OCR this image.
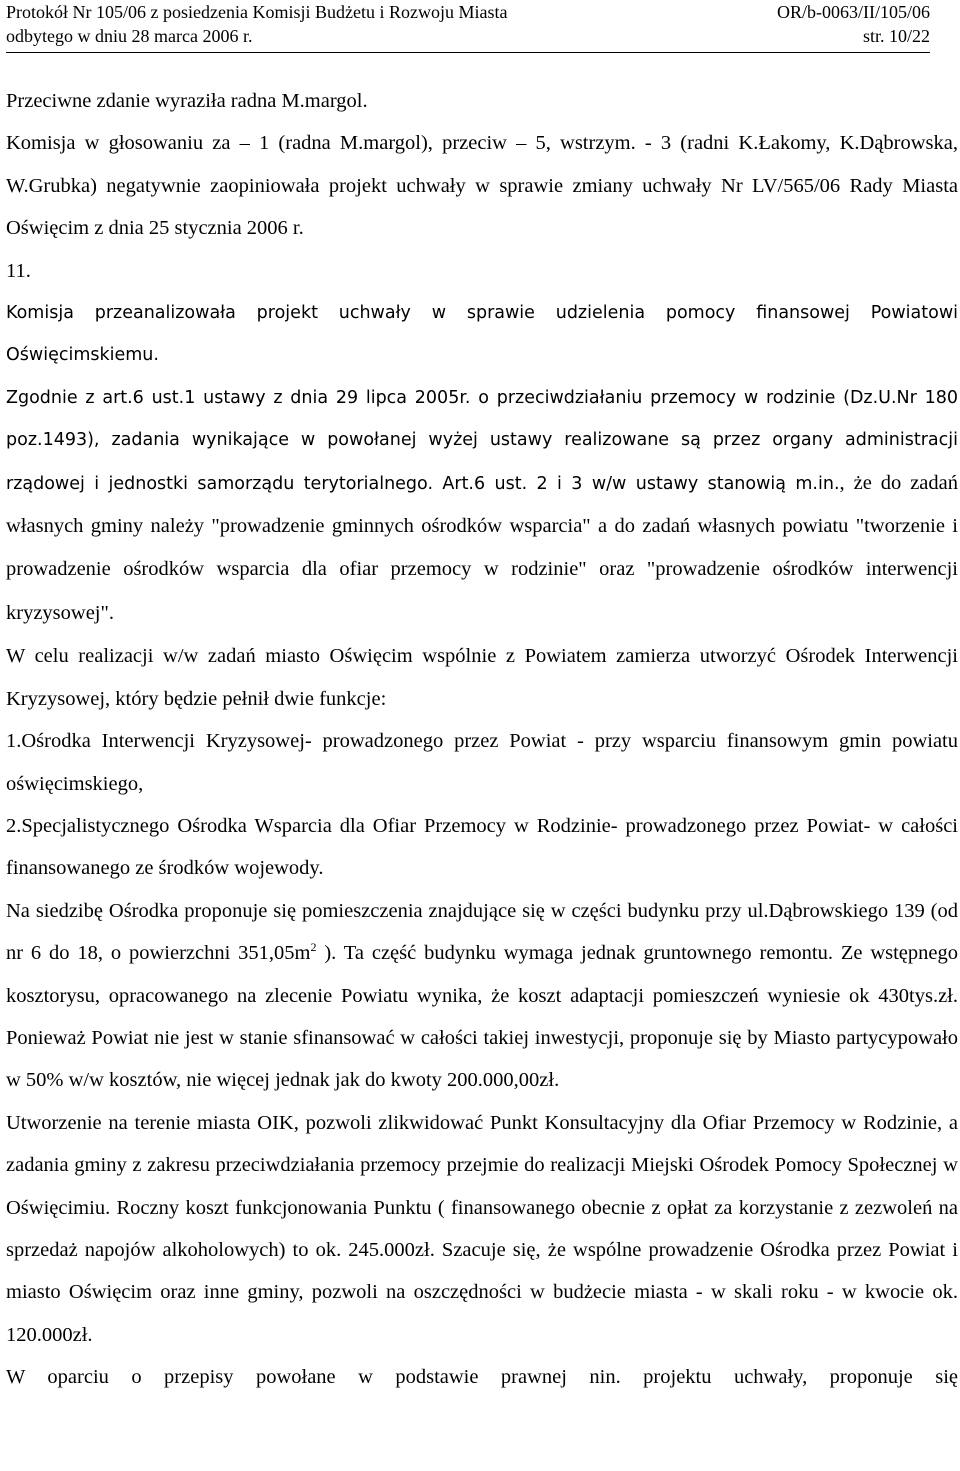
Protokół Nr 105/06 z posiedzenia Komisji Budżetu i Rozwoju Miasta	OR/b-0063/II/105/06
odbytego w dniu 28 marca 2006 r.	str. 10/22

Przeciwne zdanie wyraziła radna M.margol.

Komisja w głosowaniu za – 1 (radna M.margol), przeciw – 5, wstrzym. - 3 (radni K.Łakomy, K.Dąbrowska, W.Grubka) negatywnie zaopiniowała projekt uchwały w sprawie zmiany uchwały Nr LV/565/06 Rady Miasta Oświęcim z dnia 25 stycznia 2006 r.

11.

Komisja przeanalizowała projekt uchwały w sprawie udzielenia pomocy finansowej Powiatowi Oświęcimskiemu.

Zgodnie z art.6 ust.1 ustawy z dnia 29 lipca 2005r. o przeciwdziałaniu przemocy w rodzinie (Dz.U.Nr 180 poz.1493), zadania wynikające w powołanej wyżej ustawy realizowane są przez organy administracji rządowej i jednostki samorządu terytorialnego. Art.6 ust. 2 i 3 w/w ustawy stanowią m.in., że do zadań własnych gminy należy "prowadzenie gminnych ośrodków wsparcia" a do zadań własnych powiatu "tworzenie i prowadzenie ośrodków wsparcia dla ofiar przemocy w rodzinie" oraz "prowadzenie ośrodków interwencji kryzysowej".

W celu realizacji w/w zadań miasto Oświęcim wspólnie z Powiatem zamierza utworzyć Ośrodek Interwencji Kryzysowej, który będzie pełnił dwie funkcje:

1.Ośrodka Interwencji Kryzysowej- prowadzonego przez Powiat - przy wsparciu finansowym gmin powiatu oświęcimskiego,

2.Specjalistycznego Ośrodka Wsparcia dla Ofiar Przemocy w Rodzinie- prowadzonego przez Powiat- w całości finansowanego ze środków wojewody.

Na siedzibę Ośrodka proponuje się pomieszczenia znajdujące się w części budynku przy ul.Dąbrowskiego 139 (od nr 6 do 18, o powierzchni $351,05m^2$ ). Ta część budynku wymaga jednak gruntownego remontu. Ze wstępnego kosztorysu, opracowanego na zlecenie Powiatu wynika, że koszt adaptacji pomieszczeń wyniesie ok 430tys.zł. Ponieważ Powiat nie jest w stanie sfinansować w całości takiej inwestycji, proponuje się by Miasto partycypowało w 50% w/w kosztów, nie więcej jednak jak do kwoty 200.000,00zł.

Utworzenie na terenie miasta OIK, pozwoli zlikwidować Punkt Konsultacyjny dla Ofiar Przemocy w Rodzinie, a zadania gminy z zakresu przeciwdziałania przemocy przejmie do realizacji Miejski Ośrodek Pomocy Społecznej w Oświęcimiu. Roczny koszt funkcjonowania Punktu ( finansowanego obecnie z opłat za korzystanie z zezwoleń na sprzedaż napojów alkoholowych) to ok. 245.000zł. Szacuje się, że wspólne prowadzenie Ośrodka przez Powiat i miasto Oświęcim oraz inne gminy, pozwoli na oszczędności w budżecie miasta - w skali roku - w kwocie ok. 120.000zł.

W oparciu o przepisy powołane w podstawie prawnej nin. projektu uchwały, proponuje się
